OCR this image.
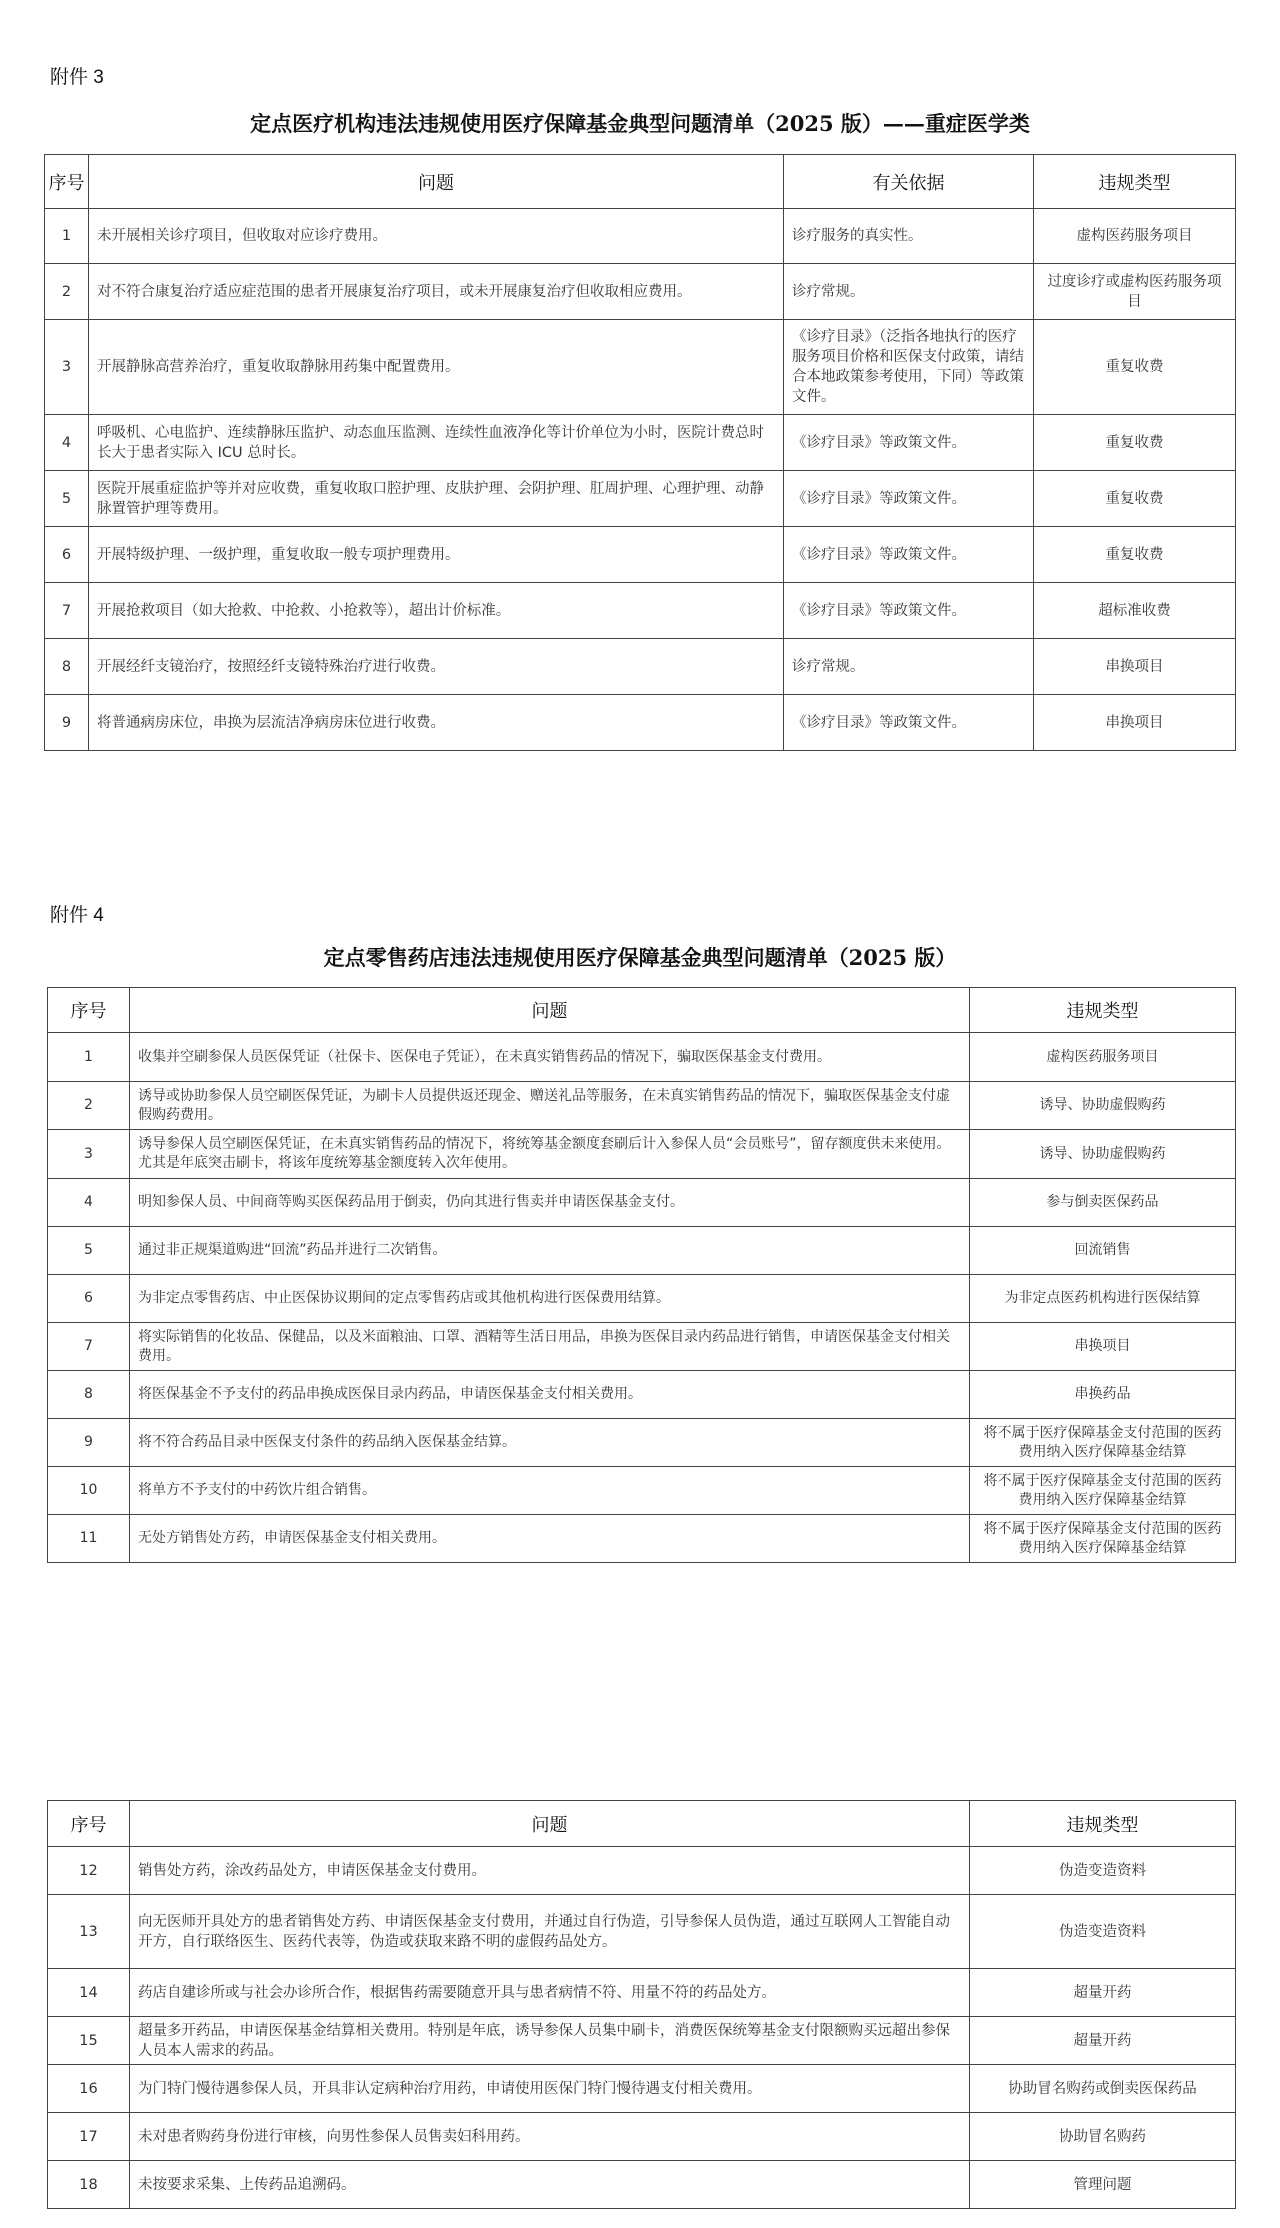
附件 3
定点医疗机构违法违规使用医疗保障基金典型问题清单（2025 版）——重症医学类
序号	问题	有关依据	违规类型
1	未开展相关诊疗项目，但收取对应诊疗费用。	诊疗服务的真实性。	虚构医药服务项目
2	对不符合康复治疗适应症范围的患者开展康复治疗项目，或未开展康复治疗但收取相应费用。	诊疗常规。	过度诊疗或虚构医药服务项目
3	开展静脉高营养治疗，重复收取静脉用药集中配置费用。	《诊疗目录》（泛指各地执行的医疗服务项目价格和医保支付政策，请结合本地政策参考使用，下同）等政策文件。	重复收费
4	呼吸机、心电监护、连续静脉压监护、动态血压监测、连续性血液净化等计价单位为小时，医院计费总时长大于患者实际入 ICU 总时长。	《诊疗目录》等政策文件。	重复收费
5	医院开展重症监护等并对应收费，重复收取口腔护理、皮肤护理、会阴护理、肛周护理、心理护理、动静脉置管护理等费用。	《诊疗目录》等政策文件。	重复收费
6	开展特级护理、一级护理，重复收取一般专项护理费用。	《诊疗目录》等政策文件。	重复收费
7	开展抢救项目（如大抢救、中抢救、小抢救等），超出计价标准。	《诊疗目录》等政策文件。	超标准收费
8	开展经纤支镜治疗，按照经纤支镜特殊治疗进行收费。	诊疗常规。	串换项目
9	将普通病房床位，串换为层流洁净病房床位进行收费。	《诊疗目录》等政策文件。	串换项目
附件 4
定点零售药店违法违规使用医疗保障基金典型问题清单（2025 版）
序号	问题	违规类型
1	收集并空刷参保人员医保凭证（社保卡、医保电子凭证），在未真实销售药品的情况下，骗取医保基金支付费用。	虚构医药服务项目
2	诱导或协助参保人员空刷医保凭证，为刷卡人员提供返还现金、赠送礼品等服务，在未真实销售药品的情况下，骗取医保基金支付虚假购药费用。	诱导、协助虚假购药
3	诱导参保人员空刷医保凭证，在未真实销售药品的情况下，将统筹基金额度套刷后计入参保人员“会员账号”，留存额度供未来使用。尤其是年底突击刷卡，将该年度统筹基金额度转入次年使用。	诱导、协助虚假购药
4	明知参保人员、中间商等购买医保药品用于倒卖，仍向其进行售卖并申请医保基金支付。	参与倒卖医保药品
5	通过非正规渠道购进“回流”药品并进行二次销售。	回流销售
6	为非定点零售药店、中止医保协议期间的定点零售药店或其他机构进行医保费用结算。	为非定点医药机构进行医保结算
7	将实际销售的化妆品、保健品，以及米面粮油、口罩、酒精等生活日用品，串换为医保目录内药品进行销售，申请医保基金支付相关费用。	串换项目
8	将医保基金不予支付的药品串换成医保目录内药品，申请医保基金支付相关费用。	串换药品
9	将不符合药品目录中医保支付条件的药品纳入医保基金结算。	将不属于医疗保障基金支付范围的医药费用纳入医疗保障基金结算
10	将单方不予支付的中药饮片组合销售。	将不属于医疗保障基金支付范围的医药费用纳入医疗保障基金结算
11	无处方销售处方药，申请医保基金支付相关费用。	将不属于医疗保障基金支付范围的医药费用纳入医疗保障基金结算
序号	问题	违规类型
12	销售处方药，涂改药品处方，申请医保基金支付费用。	伪造变造资料
13	向无医师开具处方的患者销售处方药、申请医保基金支付费用，并通过自行伪造，引导参保人员伪造，通过互联网人工智能自动开方，自行联络医生、医药代表等，伪造或获取来路不明的虚假药品处方。	伪造变造资料
14	药店自建诊所或与社会办诊所合作，根据售药需要随意开具与患者病情不符、用量不符的药品处方。	超量开药
15	超量多开药品，申请医保基金结算相关费用。特别是年底，诱导参保人员集中刷卡，消费医保统筹基金支付限额购买远超出参保人员本人需求的药品。	超量开药
16	为门特门慢待遇参保人员，开具非认定病种治疗用药，申请使用医保门特门慢待遇支付相关费用。	协助冒名购药或倒卖医保药品
17	未对患者购药身份进行审核，向男性参保人员售卖妇科用药。	协助冒名购药
18	未按要求采集、上传药品追溯码。	管理问题
